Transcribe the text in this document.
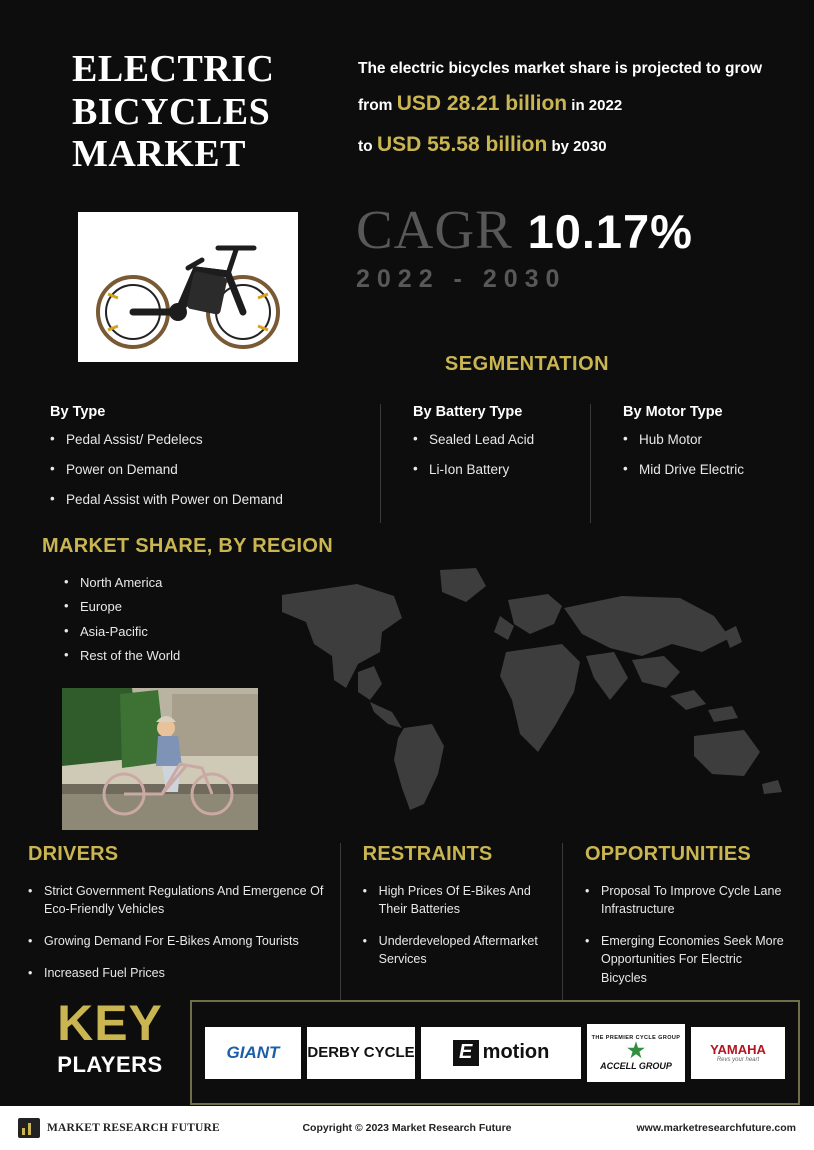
ELECTRIC
BICYCLES
MARKET
The electric bicycles market share is projected to grow from USD 28.21 billion in 2022
to USD 55.58 billion by 2030
CAGR 10.17%
2022 - 2030
SEGMENTATION
By Type
• Pedal Assist/ Pedelecs
• Power on Demand
• Pedal Assist with Power on Demand
By Battery Type
• Sealed Lead Acid
• Li-Ion Battery
By Motor Type
• Hub Motor
• Mid Drive Electric
MARKET SHARE, BY REGION
• North America
• Europe
• Asia-Pacific
• Rest of the World
DRIVERS
• Strict Government Regulations And Emergence Of Eco-Friendly Vehicles
• Growing Demand For E-Bikes Among Tourists
• Increased Fuel Prices
RESTRAINTS
• High Prices Of E-Bikes And Their Batteries
• Underdeveloped Aftermarket Services
OPPORTUNITIES
• Proposal To Improve Cycle Lane Infrastructure
• Emerging Economies Seek More Opportunities For Electric Bicycles
KEY
PLAYERS	GIANT DERBY CYCLE	E motion
THE PREMIER CYCLE GROUP
★
ACCELL GROUP
YAMAHA
Revs your heart
MARKET RESEARCH FUTURE	Copyright © 2023 Market Research Future	www.marketresearchfuture.com
